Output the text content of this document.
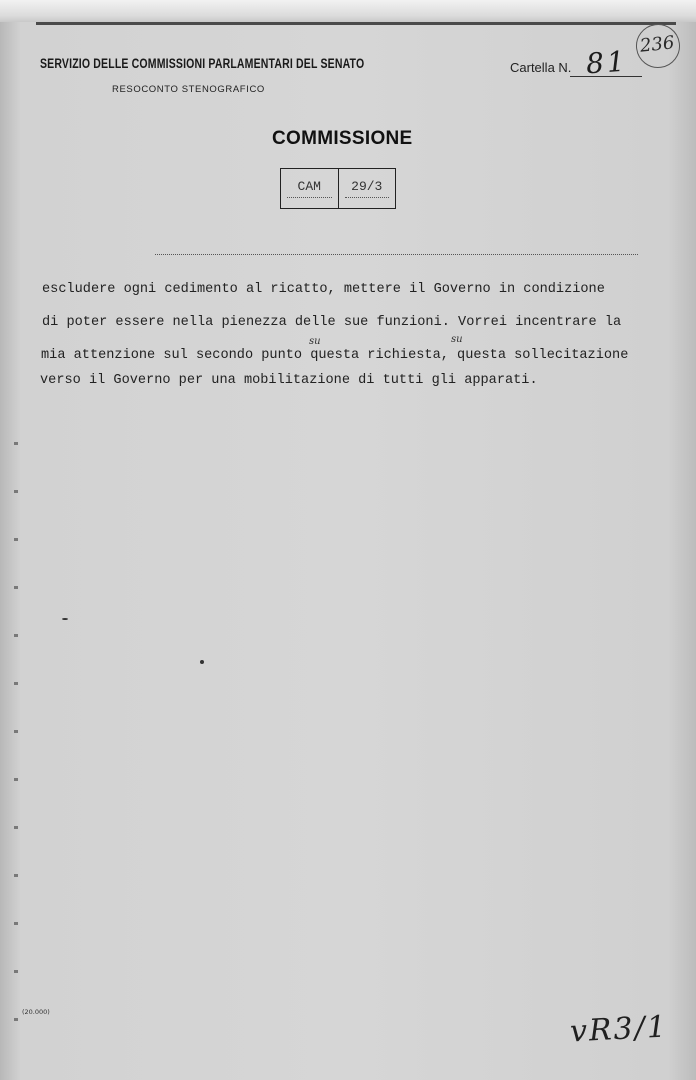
SERVIZIO DELLE COMMISSIONI PARLAMENTARI DEL SENATO
RESOCONTO STENOGRAFICO
Cartella N. 81
236
COMMISSIONE
CAM	29/3
escludere ogni cedimento al ricatto, mettere il Governo in condizione
di poter essere nella pienezza delle sue funzioni. Vorrei incentrare la
mia attenzione sul secondo punto questa richiesta, questa sollecitazione
su	su
verso il Governo per una mobilitazione di tutti gli apparati.
(20.000)	vR3/1
